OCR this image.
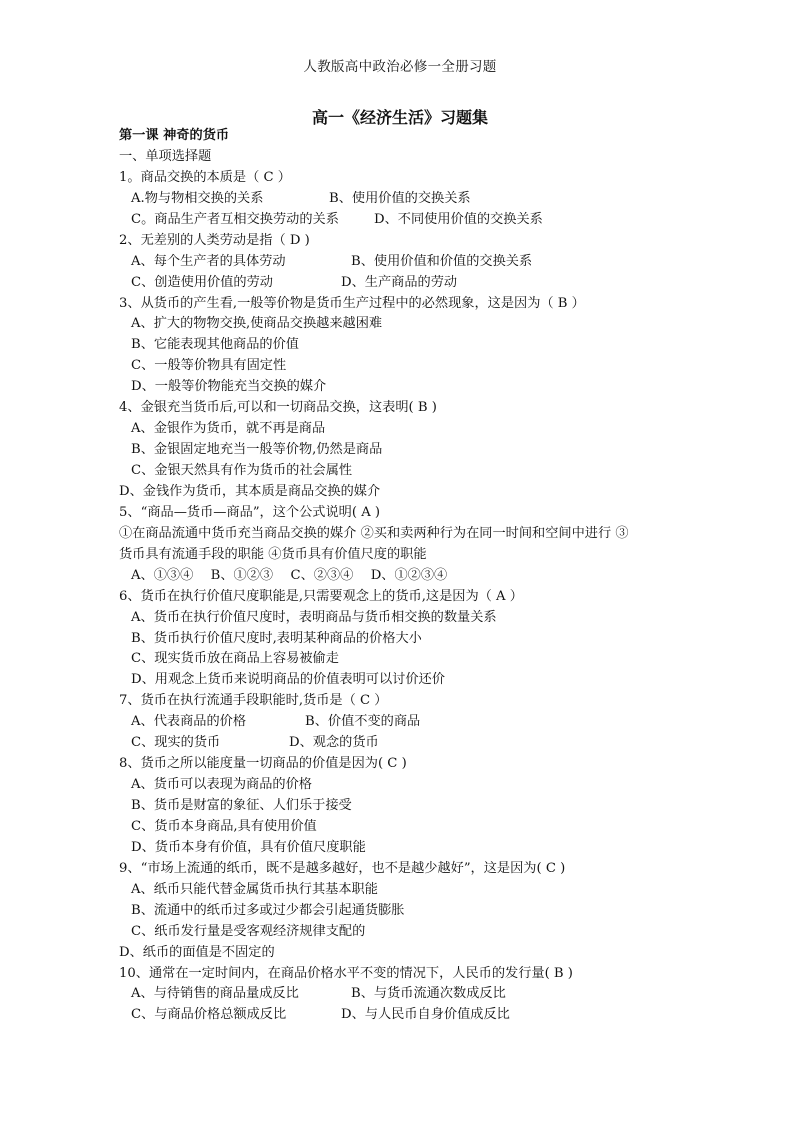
人教版高中政治必修一全册习题
高一《经济生活》习题集
第一课 神奇的货币
一、单项选择题
1。商品交换的本质是（ C ）
A.物与物相交换的关系	B、使用价值的交换关系
C。商品生产者互相交换劳动的关系	D、不同使用价值的交换关系
2、无差别的人类劳动是指（ D )
A、每个生产者的具体劳动	B、使用价值和价值的交换关系
C、创造使用价值的劳动	D、生产商品的劳动
3、从货币的产生看,一般等价物是货币生产过程中的必然现象，这是因为（ B ）
A、扩大的物物交换,使商品交换越来越困难
B、它能表现其他商品的价值
C、一般等价物具有固定性
D、一般等价物能充当交换的媒介
4、金银充当货币后,可以和一切商品交换，这表明( B )
A、金银作为货币，就不再是商品
B、金银固定地充当一般等价物,仍然是商品
C、金银天然具有作为货币的社会属性
D、金钱作为货币，其本质是商品交换的媒介
5、“商品—货币—商品”，这个公式说明( A )
①在商品流通中货币充当商品交换的媒介 ②买和卖两种行为在同一时间和空间中进行 ③
货币具有流通手段的职能 ④货币具有价值尺度的职能
A、①③④　 B、①②③　 C、②③④　 D、①②③④
6、货币在执行价值尺度职能是,只需要观念上的货币,这是因为（ A ）
A、货币在执行价值尺度时，表明商品与货币相交换的数量关系
B、货币执行价值尺度时,表明某种商品的价格大小
C、现实货币放在商品上容易被偷走
D、用观念上货币来说明商品的价值表明可以讨价还价
7、货币在执行流通手段职能时,货币是（ C ）
A、代表商品的价格	B、价值不变的商品
C、现实的货币	D、观念的货币
8、货币之所以能度量一切商品的价值是因为( C )
A、货币可以表现为商品的价格
B、货币是财富的象征、人们乐于接受
C、货币本身商品,具有使用价值
D、货币本身有价值，具有价值尺度职能
9、“市场上流通的纸币，既不是越多越好，也不是越少越好”，这是因为( C )
A、纸币只能代替金属货币执行其基本职能
B、流通中的纸币过多或过少都会引起通货膨胀
C、纸币发行量是受客观经济规律支配的
D、纸币的面值是不固定的
10、通常在一定时间内，在商品价格水平不变的情况下，人民币的发行量( B )
A、与待销售的商品量成反比	B、与货币流通次数成反比
C、与商品价格总额成反比	D、与人民币自身价值成反比
